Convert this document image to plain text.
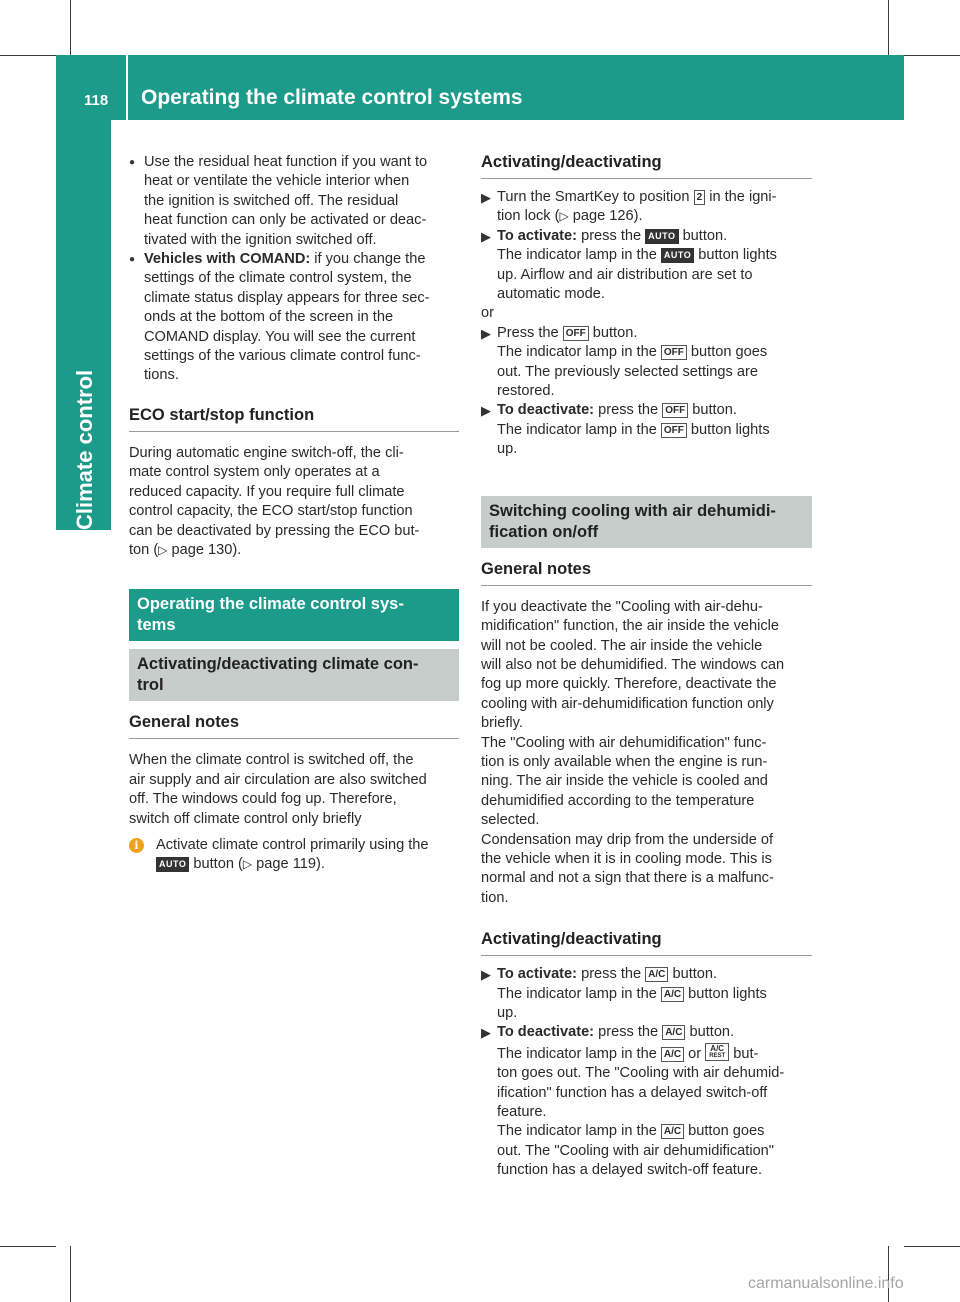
118 Operating the climate control systems
Climate control
● Use the residual heat function if you want to
heat or ventilate the vehicle interior when
the ignition is switched off. The residual
heat function can only be activated or deac-
tivated with the ignition switched off.
● Vehicles with COMAND: if you change the
settings of the climate control system, the
climate status display appears for three sec-
onds at the bottom of the screen in the
COMAND display. You will see the current
settings of the various climate control func-
tions.
ECO start/stop function
During automatic engine switch-off, the cli-
mate control system only operates at a
reduced capacity. If you require full climate
control capacity, the ECO start/stop function
can be deactivated by pressing the ECO but-
ton (▷ page 130).
Operating the climate control sys-
tems
Activating/deactivating climate con-
trol
General notes
When the climate control is switched off, the
air supply and air circulation are also switched
off. The windows could fog up. Therefore,
switch off climate control only briefly
i	Activate climate control primarily using the
AUTO button (▷ page 119).
Activating/deactivating
▶ Turn the SmartKey to position 2 in the igni-
tion lock (▷ page 126).
▶ To activate: press the AUTO button.
The indicator lamp in the AUTO button lights
up. Airflow and air distribution are set to
automatic mode.
or
▶ Press the OFF button.
The indicator lamp in the OFF button goes
out. The previously selected settings are
restored.
▶ To deactivate: press the OFF button.
The indicator lamp in the OFF button lights
up.
Switching cooling with air dehumidi-
fication on/off
General notes
If you deactivate the "Cooling with air-dehu-
midification" function, the air inside the vehicle
will not be cooled. The air inside the vehicle
will also not be dehumidified. The windows can
fog up more quickly. Therefore, deactivate the
cooling with air-dehumidification function only
briefly.
The "Cooling with air dehumidification" func-
tion is only available when the engine is run-
ning. The air inside the vehicle is cooled and
dehumidified according to the temperature
selected.
Condensation may drip from the underside of
the vehicle when it is in cooling mode. This is
normal and not a sign that there is a malfunc-
tion.
Activating/deactivating
▶ To activate: press the A/C button.
The indicator lamp in the A/C button lights
up.
▶ To deactivate: press the A/C button.
The indicator lamp in the A/C or A/C
REST but-
ton goes out. The "Cooling with air dehumid-
ification" function has a delayed switch-off
feature.
The indicator lamp in the A/C button goes
out. The "Cooling with air dehumidification"
function has a delayed switch-off feature.
carmanualsonline.info
